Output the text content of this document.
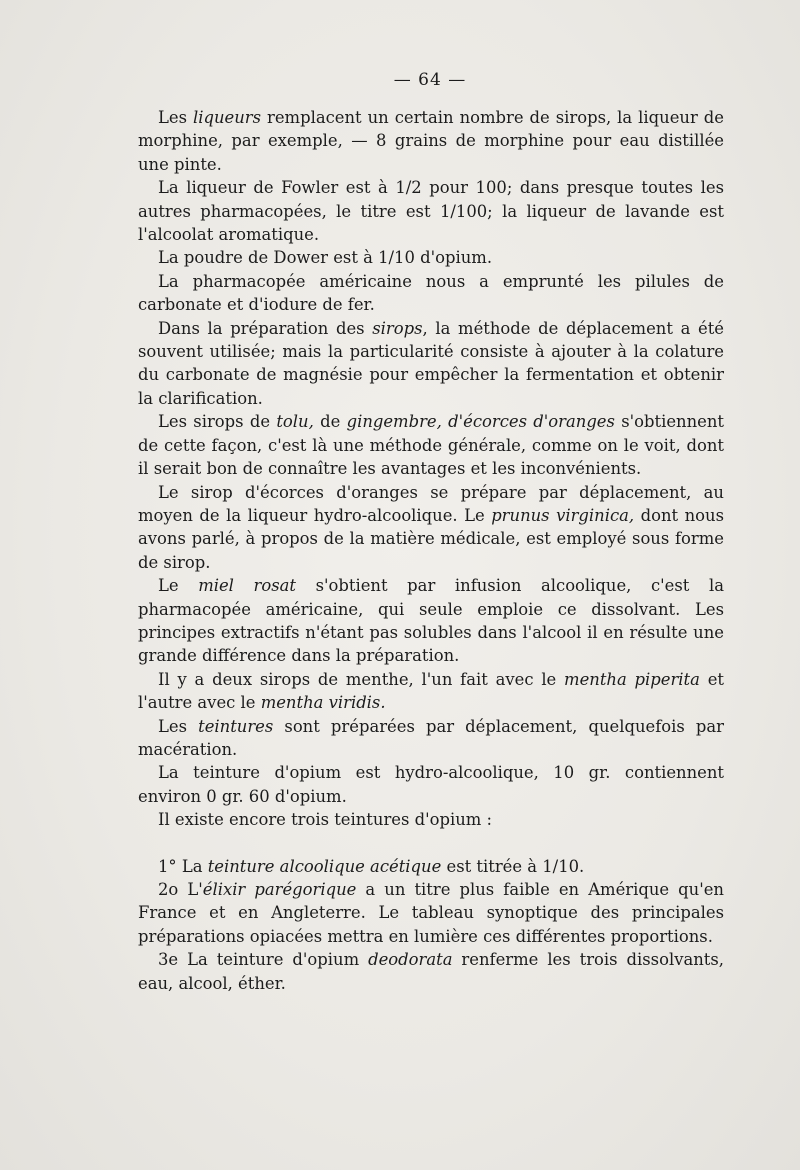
— 64 —

Les liqueurs remplacent un certain nombre de sirops, la liqueur de morphine, par exemple, — 8 grains de morphine pour eau distillée une pinte.

La liqueur de Fowler est à 1/2 pour 100; dans presque toutes les autres pharmacopées, le titre est 1/100; la liqueur de lavande est l'alcoolat aromatique.

La poudre de Dower est à 1/10 d'opium.

La pharmacopée américaine nous a emprunté les pilules de carbonate et d'iodure de fer.

Dans la préparation des sirops, la méthode de déplacement a été souvent utilisée; mais la particularité consiste à ajouter à la colature du carbonate de magnésie pour empêcher la fermentation et obtenir la clarification.

Les sirops de tolu, de gingembre, d'écorces d'oranges s'obtiennent de cette façon, c'est là une méthode générale, comme on le voit, dont il serait bon de connaître les avantages et les inconvénients.

Le sirop d'écorces d'oranges se prépare par déplacement, au moyen de la liqueur hydro-alcoolique. Le prunus virginica, dont nous avons parlé, à propos de la matière médicale, est employé sous forme de sirop.

Le miel rosat s'obtient par infusion alcoolique, c'est la pharmacopée américaine, qui seule emploie ce dissolvant. Les principes extractifs n'étant pas solubles dans l'alcool il en résulte une grande différence dans la préparation.

Il y a deux sirops de menthe, l'un fait avec le mentha piperita et l'autre avec le mentha viridis.

Les teintures sont préparées par déplacement, quelquefois par macération.

La teinture d'opium est hydro-alcoolique, 10 gr. contiennent environ 0 gr. 60 d'opium.

Il existe encore trois teintures d'opium :

1° La teinture alcoolique acétique est titrée à 1/10.

2o L'élixir parégorique a un titre plus faible en Amérique qu'en France et en Angleterre. Le tableau synoptique des principales préparations opiacées mettra en lumière ces différentes proportions.

3e La teinture d'opium deodorata renferme les trois dissolvants, eau, alcool, éther.
